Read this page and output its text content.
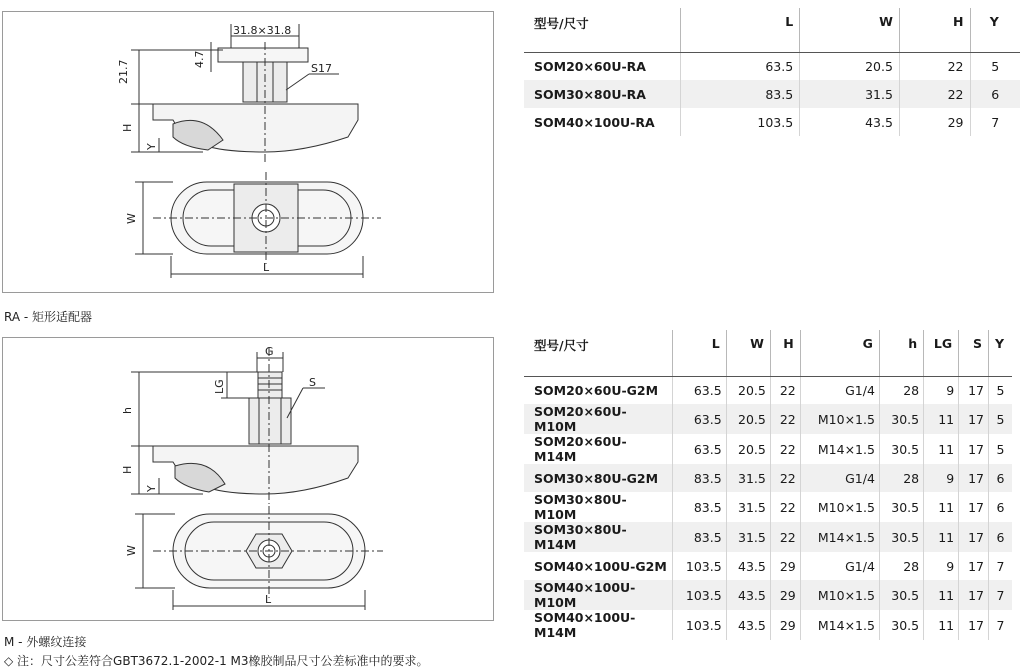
31.8×31.8
21.7
4.7
S17
H
Y
W
L
RA - 矩形适配器
G
LG	S
h
H
Y
W
L
M - 外螺纹连接
◇ 注：尺寸公差符合GBT3672.1-2002-1 M3橡胶制品尺寸公差标准中的要求。
型号/尺寸	L	W	H	Y
SOM20×60U-RA	63.5	20.5	22	5
SOM30×80U-RA	83.5	31.5	22	6
SOM40×100U-RA	103.5	43.5	29	7
型号/尺寸	L	W	H	G	h	LG	S	Y
SOM20×60U-G2M	63.5	20.5	22	G1/4	28	9	17	5
SOM20×60U-M10M	63.5	20.5	22	M10×1.5	30.5	11	17	5
SOM20×60U-M14M	63.5	20.5	22	M14×1.5	30.5	11	17	5
SOM30×80U-G2M	83.5	31.5	22	G1/4	28	9	17	6
SOM30×80U-M10M	83.5	31.5	22	M10×1.5	30.5	11	17	6
SOM30×80U-M14M	83.5	31.5	22	M14×1.5	30.5	11	17	6
SOM40×100U-G2M	103.5	43.5	29	G1/4	28	9	17	7
SOM40×100U-M10M	103.5	43.5	29	M10×1.5	30.5	11	17	7
SOM40×100U-M14M	103.5	43.5	29	M14×1.5	30.5	11	17	7
